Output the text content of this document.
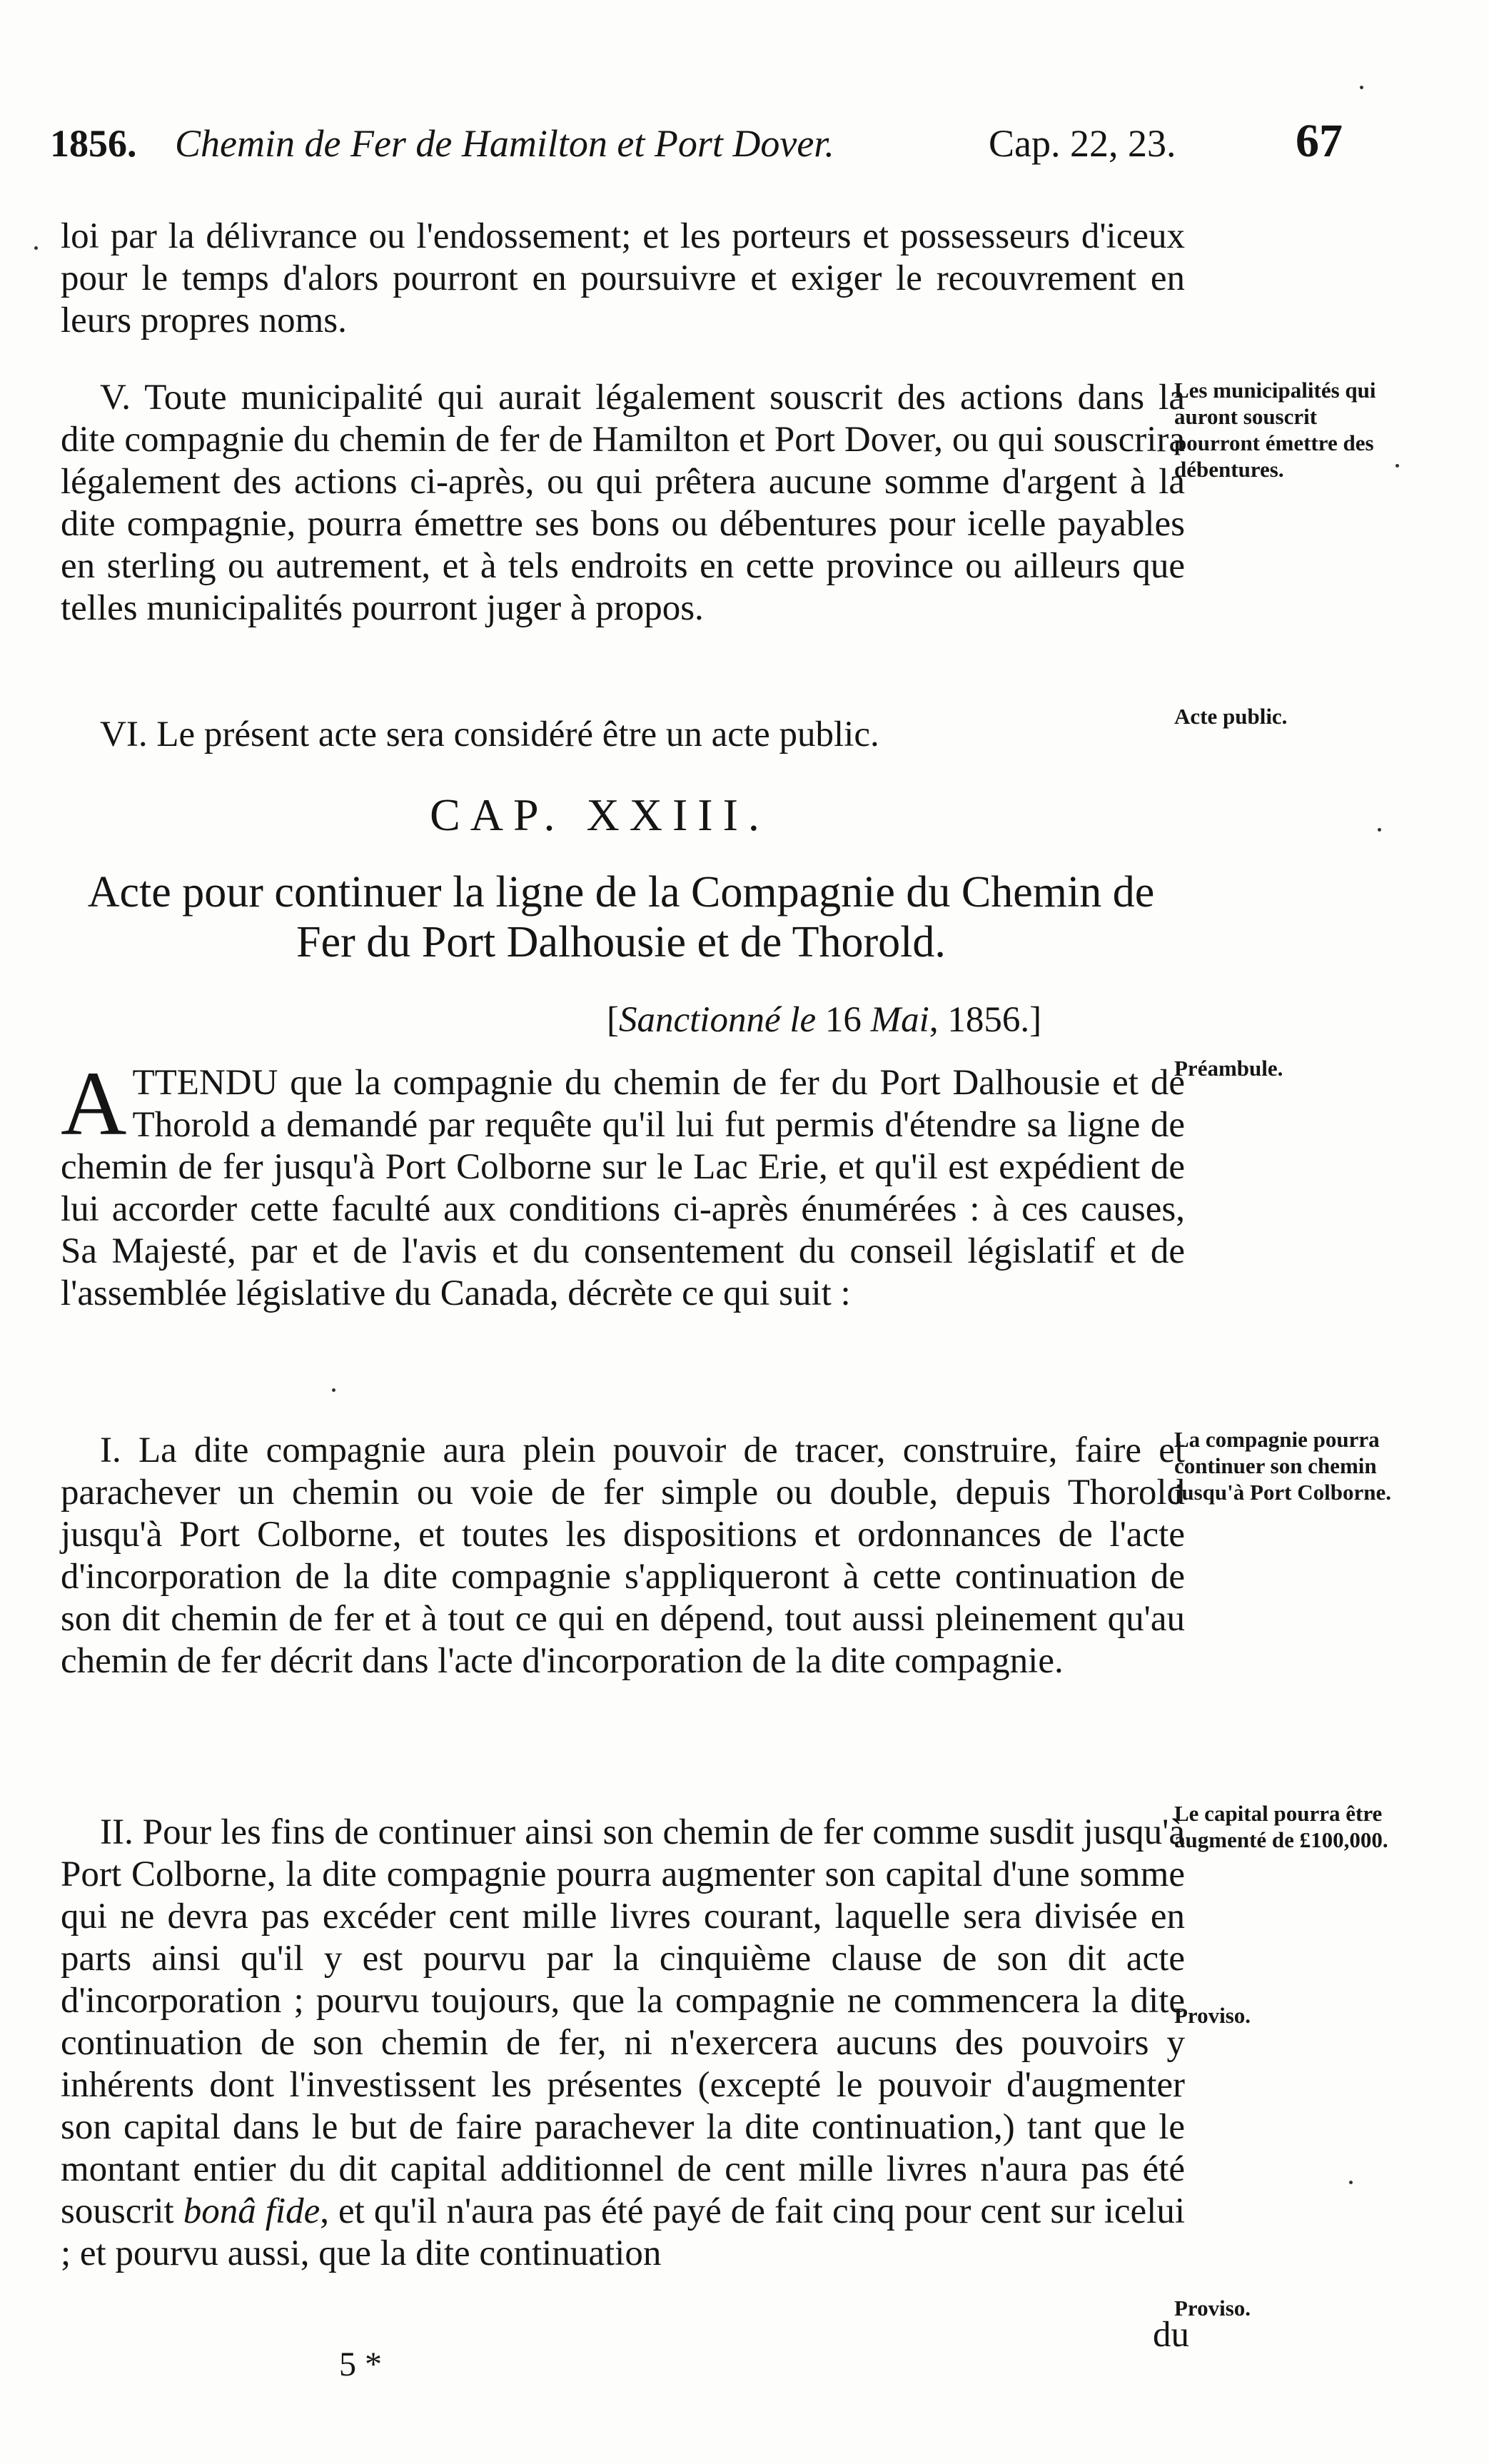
1856. Chemin de Fer de Hamilton et Port Dover.	Cap. 22, 23.	67
loi par la délivrance ou l'endossement; et les porteurs et possesseurs d'iceux pour le temps d'alors pourront en poursuivre et exiger le recouvrement en leurs propres noms.
V. Toute municipalité qui aurait légalement souscrit des actions dans la dite compagnie du chemin de fer de Hamilton et Port Dover, ou qui souscrira légalement des actions ci-après, ou qui prêtera aucune somme d'argent à la dite compagnie, pourra émettre ses bons ou débentures pour icelle payables en sterling ou autrement, et à tels endroits en cette province ou ailleurs que telles municipalités pourront juger à propos.
Les municipalités qui auront souscrit pourront émettre des débentures.
VI. Le présent acte sera considéré être un acte public.	Acte public.
CAP. XXIII.
Acte pour continuer la ligne de la Compagnie du Chemin de Fer du Port Dalhousie et de Thorold.
[Sanctionné le 16 Mai, 1856.]
ATTENDU que la compagnie du chemin de fer du Port Dalhousie et de Thorold a demandé par requête qu'il lui fut permis d'étendre sa ligne de chemin de fer jusqu'à Port Colborne sur le Lac Erie, et qu'il est expédient de lui accorder cette faculté aux conditions ci-après énumérées : à ces causes, Sa Majesté, par et de l'avis et du consentement du conseil législatif et de l'assemblée législative du Canada, décrète ce qui suit :
Préambule.
I. La dite compagnie aura plein pouvoir de tracer, construire, faire et parachever un chemin ou voie de fer simple ou double, depuis Thorold jusqu'à Port Colborne, et toutes les dispositions et ordonnances de l'acte d'incorporation de la dite compagnie s'appliqueront à cette continuation de son dit chemin de fer et à tout ce qui en dépend, tout aussi pleinement qu'au chemin de fer décrit dans l'acte d'incorporation de la dite compagnie.
La compagnie pourra continuer son chemin jusqu'à Port Colborne.
II. Pour les fins de continuer ainsi son chemin de fer comme susdit jusqu'à Port Colborne, la dite compagnie pourra augmenter son capital d'une somme qui ne devra pas excéder cent mille livres courant, laquelle sera divisée en parts ainsi qu'il y est pourvu par la cinquième clause de son dit acte d'incorporation ; pourvu toujours, que la compagnie ne commencera la dite continuation de son chemin de fer, ni n'exercera aucuns des pouvoirs y inhérents dont l'investissent les présentes (excepté le pouvoir d'augmenter son capital dans le but de faire parachever la dite continuation,) tant que le montant entier du dit capital additionnel de cent mille livres n'aura pas été souscrit bonâ fide, et qu'il n'aura pas été payé de fait cinq pour cent sur icelui ; et pourvu aussi, que la dite continuation
Le capital pourra être augmenté de £100,000.
Proviso.
Proviso.
5 *
du
